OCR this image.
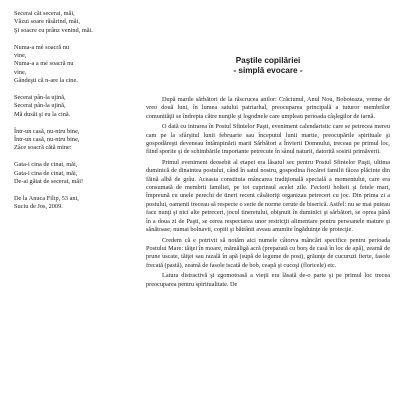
Secerai căt secerai, măi,
Văzui soare răsărind, măi,
Şi soacre cu prânz venind, măi.
Numa-a mé soacră nu
vine,
Numa-a a mé soacră nu
vine,
Gândeşti că n-are la cine.
Secerai pân-la ujină,
Secerai pân-la ujină,
Mă dusăi şi eu la cină.
Într-un casă, nu-ntru bine,
Într-un casă, nu-ntru bine,
Zâce soacră cătă mine:
Gata-i cina de cinat, măi,
Gata-i cina de cinat, măi,
De-ai gătat de secerat, măi!
De la Anuca Filip, 53 ani,
Suciu de Jos, 2009.

Paştile copilăriei

- simplă evocare -

După marile sărbători de la răscrucea anilor: Crăciunul, Anul Nou, Boboteaza, vreme de vreo două luni, în lumea satului patriarhal, preocuparea principală a tuturor membrilor comunităţii se îndrepta către nunţile şi logodnele care umpleau perioada câşlegilor de iarnă.

O dată cu intrarea în Postul Sfintelor Paşti, eveniment calendaristic care se petrecea mereu cam pe la sfârşitul lunii februarie sau începutul lunii martie, preocupările spirituale şi gospodăreşti deveneau întâmpinării marii Sărbători a Învierii Domnului, treceau pe primul loc, fiind sporite şi de schimbările importante petrecute în sânul naturii, datorită sosirii primăverii.

Primul eveniment deosebit al etapei era lăsatul sec pentru Postul Sfintelor Paşti, ultima duminică de dinaintea postului, când în satul nostru, gospodina fiecărei familii făcea plăcinte din făină albă de grâu. Aceasta constituia mâncarea tradiţională specială a momentului, care era consumată de membrii familiei, pe tot cuprinsul acelei zile. Feciorii holteii şi fetele mari, împreună cu unele perechi de tineri recent căsătoriţi organizau petreceri cu joc. Din prima zi a postului, oamenii treceau să respecte o serie de norme cerute de biserică. Astfel: nu se mai puteau face nunţi şi nici alte petreceri, jocul tineretului, obişnuit în duminici şi sărbători, se oprea până în a doua zi de Paşti, se cerea respectarea unor restricţii alimentare pentru persoanele mature şi sănătoase; numai bolnavii, copiii şi bătrânii aveau anumite îngăduinţe de protecţie.

Credem că e potrivit să notăm aici numele câtorva mâncări specifice pentru perioada Postului Mare: tăiţei în moare, mămăligă acră (preparată cu borş de casă în loc de apă), zeamă de prune uscate, tăiţei sau razală în apă (supă de legume de post), grăunţe de cucuruzi fierte, fasole frecată (pastă), zeamă de fasole iscată de bob, ceapă şi cucoşi (floricele) etc.

Latura distractivă şi zgomotoasă a vieţii era lăsată de-o parte şi pe primul loc trecea preocuparea pentru spiritualitate. De
